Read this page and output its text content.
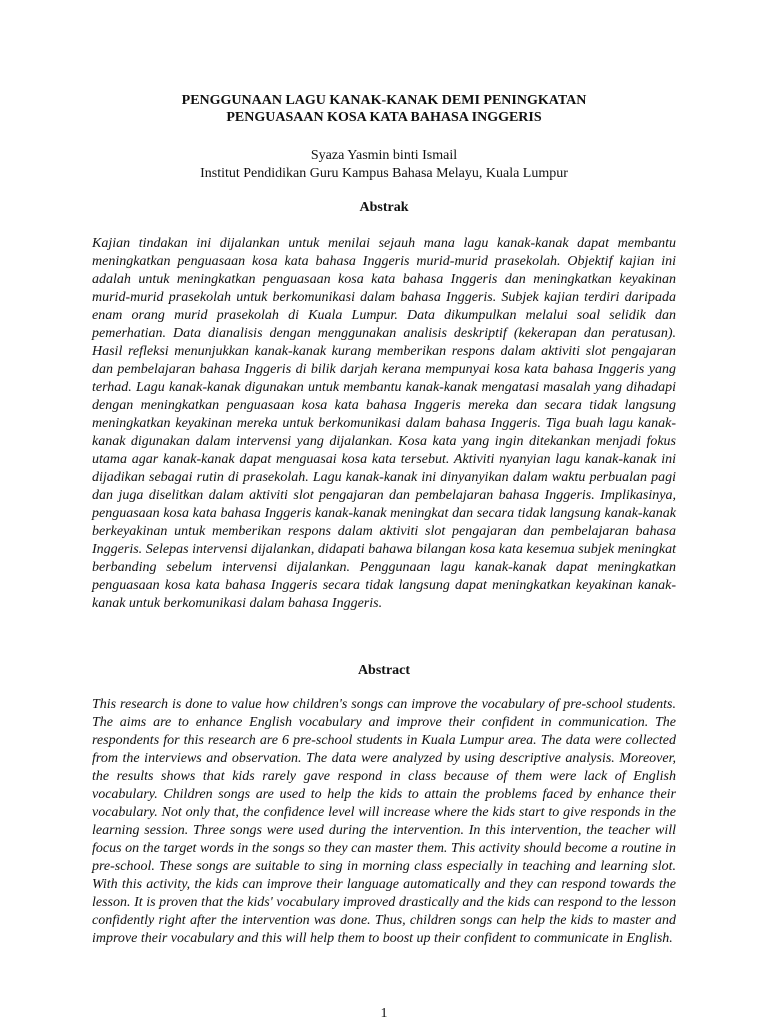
PENGGUNAAN LAGU KANAK-KANAK DEMI PENINGKATAN
PENGUASAAN KOSA KATA BAHASA INGGERIS
Syaza Yasmin binti Ismail
Institut Pendidikan Guru Kampus Bahasa Melayu, Kuala Lumpur
Abstrak

Kajian tindakan ini dijalankan untuk menilai sejauh mana lagu kanak-kanak dapat membantu meningkatkan penguasaan kosa kata bahasa Inggeris murid-murid prasekolah. Objektif kajian ini adalah untuk meningkatkan penguasaan kosa kata bahasa Inggeris dan meningkatkan keyakinan murid-murid prasekolah untuk berkomunikasi dalam bahasa Inggeris. Subjek kajian terdiri daripada enam orang murid prasekolah di Kuala Lumpur. Data dikumpulkan melalui soal selidik dan pemerhatian. Data dianalisis dengan menggunakan analisis deskriptif (kekerapan dan peratusan). Hasil refleksi menunjukkan kanak-kanak kurang memberikan respons dalam aktiviti slot pengajaran dan pembelajaran bahasa Inggeris di bilik darjah kerana mempunyai kosa kata bahasa Inggeris yang terhad. Lagu kanak-kanak digunakan untuk membantu kanak-kanak mengatasi masalah yang dihadapi dengan meningkatkan penguasaan kosa kata bahasa Inggeris mereka dan secara tidak langsung meningkatkan keyakinan mereka untuk berkomunikasi dalam bahasa Inggeris. Tiga buah lagu kanak-kanak digunakan dalam intervensi yang dijalankan. Kosa kata yang ingin ditekankan menjadi fokus utama agar kanak-kanak dapat menguasai kosa kata tersebut. Aktiviti nyanyian lagu kanak-kanak ini dijadikan sebagai rutin di prasekolah. Lagu kanak-kanak ini dinyanyikan dalam waktu perbualan pagi dan juga diselitkan dalam aktiviti slot pengajaran dan pembelajaran bahasa Inggeris. Implikasinya, penguasaan kosa kata bahasa Inggeris kanak-kanak meningkat dan secara tidak langsung kanak-kanak berkeyakinan untuk memberikan respons dalam aktiviti slot pengajaran dan pembelajaran bahasa Inggeris. Selepas intervensi dijalankan, didapati bahawa bilangan kosa kata kesemua subjek meningkat berbanding sebelum intervensi dijalankan. Penggunaan lagu kanak-kanak dapat meningkatkan penguasaan kosa kata bahasa Inggeris secara tidak langsung dapat meningkatkan keyakinan kanak-kanak untuk berkomunikasi dalam bahasa Inggeris.

Abstract

This research is done to value how children's songs can improve the vocabulary of pre-school students. The aims are to enhance English vocabulary and improve their confident in communication. The respondents for this research are 6 pre-school students in Kuala Lumpur area. The data were collected from the interviews and observation. The data were analyzed by using descriptive analysis. Moreover, the results shows that kids rarely gave respond in class because of them were lack of English vocabulary. Children songs are used to help the kids to attain the problems faced by enhance their vocabulary. Not only that, the confidence level will increase where the kids start to give responds in the learning session. Three songs were used during the intervention. In this intervention, the teacher will focus on the target words in the songs so they can master them. This activity should become a routine in pre-school. These songs are suitable to sing in morning class especially in teaching and learning slot. With this activity, the kids can improve their language automatically and they can respond towards the lesson. It is proven that the kids' vocabulary improved drastically and the kids can respond to the lesson confidently right after the intervention was done. Thus, children songs can help the kids to master and improve their vocabulary and this will help them to boost up their confident to communicate in English.

1
